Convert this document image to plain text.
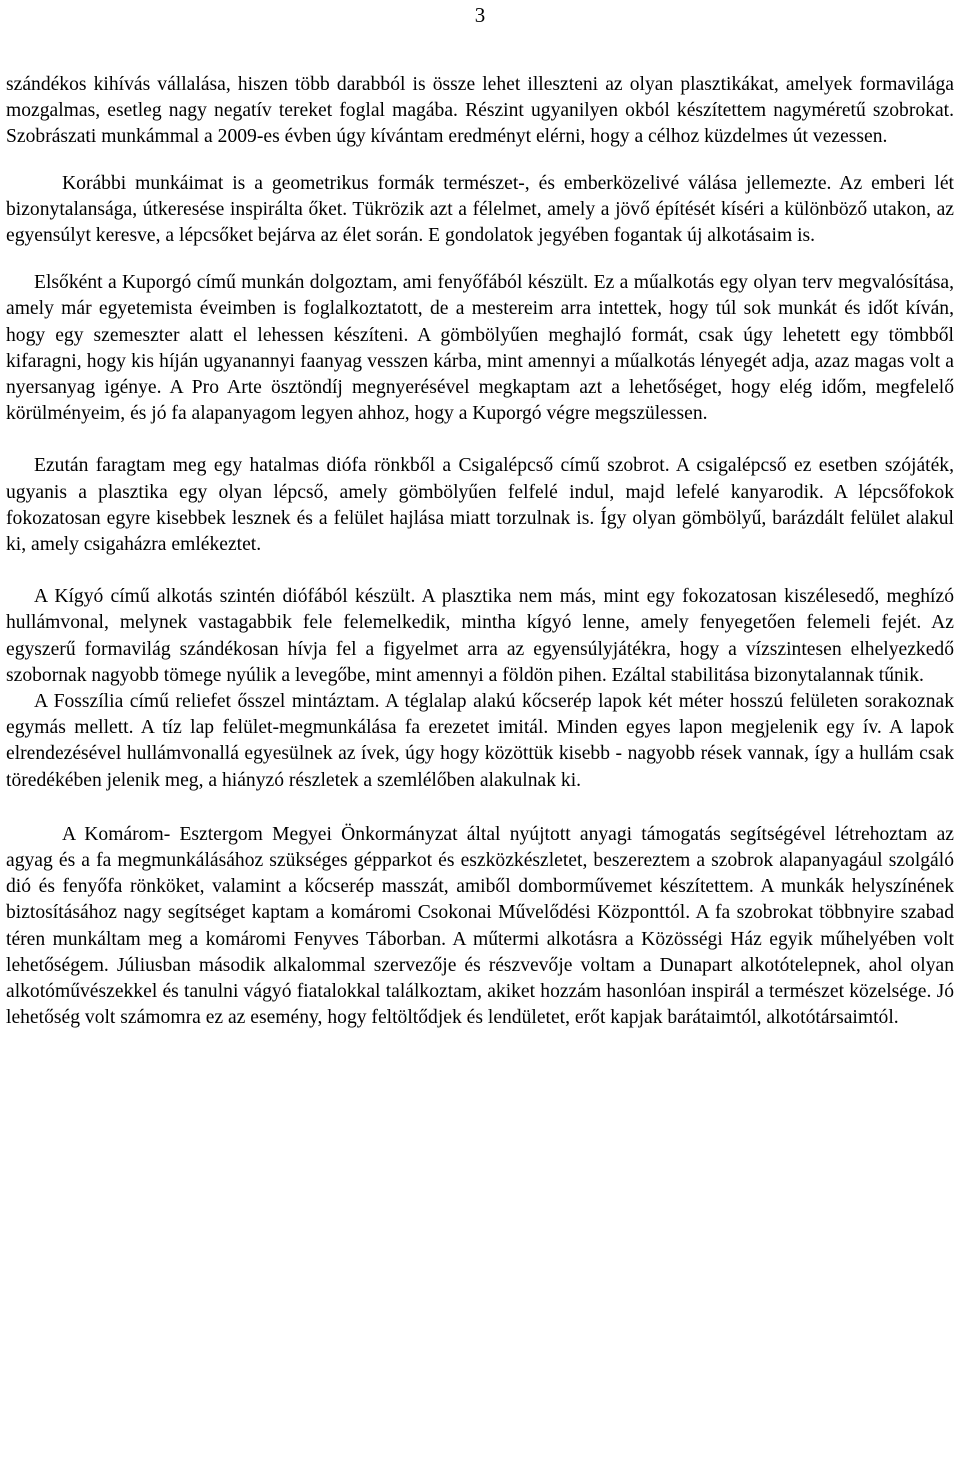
3

szándékos kihívás vállalása, hiszen több darabból is össze lehet illeszteni az olyan plasztikákat, amelyek formavilága mozgalmas, esetleg nagy negatív tereket foglal magába. Részint ugyanilyen okból készítettem nagyméretű szobrokat. Szobrászati munkámmal a 2009-es évben úgy kívántam eredményt elérni, hogy a célhoz küzdelmes út vezessen.

Korábbi munkáimat is a geometrikus formák természet-, és emberközelivé válása jellemezte. Az emberi lét bizonytalansága, útkeresése inspirálta őket. Tükrözik azt a félelmet, amely a jövő építését kíséri a különböző utakon, az egyensúlyt keresve, a lépcsőket bejárva az élet során. E gondolatok jegyében fogantak új alkotásaim is.

Elsőként a Kuporgó című munkán dolgoztam, ami fenyőfából készült. Ez a műalkotás egy olyan terv megvalósítása, amely már egyetemista éveimben is foglalkoztatott, de a mestereim arra intettek, hogy túl sok munkát és időt kíván, hogy egy szemeszter alatt el lehessen készíteni. A gömbölyűen meghajló formát, csak úgy lehetett egy tömbből kifaragni, hogy kis híján ugyanannyi faanyag vesszen kárba, mint amennyi a műalkotás lényegét adja, azaz magas volt a nyersanyag igénye. A Pro Arte ösztöndíj megnyerésével megkaptam azt a lehetőséget, hogy elég időm, megfelelő körülményeim, és jó fa alapanyagom legyen ahhoz, hogy a Kuporgó végre megszülessen.

Ezután faragtam meg egy hatalmas diófa rönkből a Csigalépcső című szobrot. A csigalépcső ez esetben szójáték, ugyanis a plasztika egy olyan lépcső, amely gömbölyűen felfelé indul, majd lefelé kanyarodik. A lépcsőfokok fokozatosan egyre kisebbek lesznek és a felület hajlása miatt torzulnak is. Így olyan gömbölyű, barázdált felület alakul ki, amely csigaházra emlékeztet.

A Kígyó című alkotás szintén diófából készült. A plasztika nem más, mint egy fokozatosan kiszélesedő, meghízó hullámvonal, melynek vastagabbik fele felemelkedik, mintha kígyó lenne, amely fenyegetően felemeli fejét. Az egyszerű formavilág szándékosan hívja fel a figyelmet arra az egyensúlyjátékra, hogy a vízszintesen elhelyezkedő szobornak nagyobb tömege nyúlik a levegőbe, mint amennyi a földön pihen. Ezáltal stabilitása bizonytalannak tűnik.

A Fosszília című reliefet ősszel mintáztam. A téglalap alakú kőcserép lapok két méter hosszú felületen sorakoznak egymás mellett. A tíz lap felület-megmunkálása fa erezetet imitál. Minden egyes lapon megjelenik egy ív. A lapok elrendezésével hullámvonallá egyesülnek az ívek, úgy hogy közöttük kisebb - nagyobb rések vannak, így a hullám csak töredékében jelenik meg, a hiányzó részletek a szemlélőben alakulnak ki.

A Komárom- Esztergom Megyei Önkormányzat által nyújtott anyagi támogatás segítségével létrehoztam az agyag és a fa megmunkálásához szükséges gépparkot és eszközkészletet, beszereztem a szobrok alapanyagául szolgáló dió és fenyőfa rönköket, valamint a kőcserép masszát, amiből domborművemet készítettem. A munkák helyszínének biztosításához nagy segítséget kaptam a komáromi Csokonai Művelődési Központtól. A fa szobrokat többnyire szabad téren munkáltam meg a komáromi Fenyves Táborban. A műtermi alkotásra a Közösségi Ház egyik műhelyében volt lehetőségem. Júliusban második alkalommal szervezője és részvevője voltam a Dunapart alkotótelepnek, ahol olyan alkotóművészekkel és tanulni vágyó fiatalokkal találkoztam, akiket hozzám hasonlóan inspirál a természet közelsége. Jó lehetőség volt számomra ez az esemény, hogy feltöltődjek és lendületet, erőt kapjak barátaimtól, alkotótársaimtól.
